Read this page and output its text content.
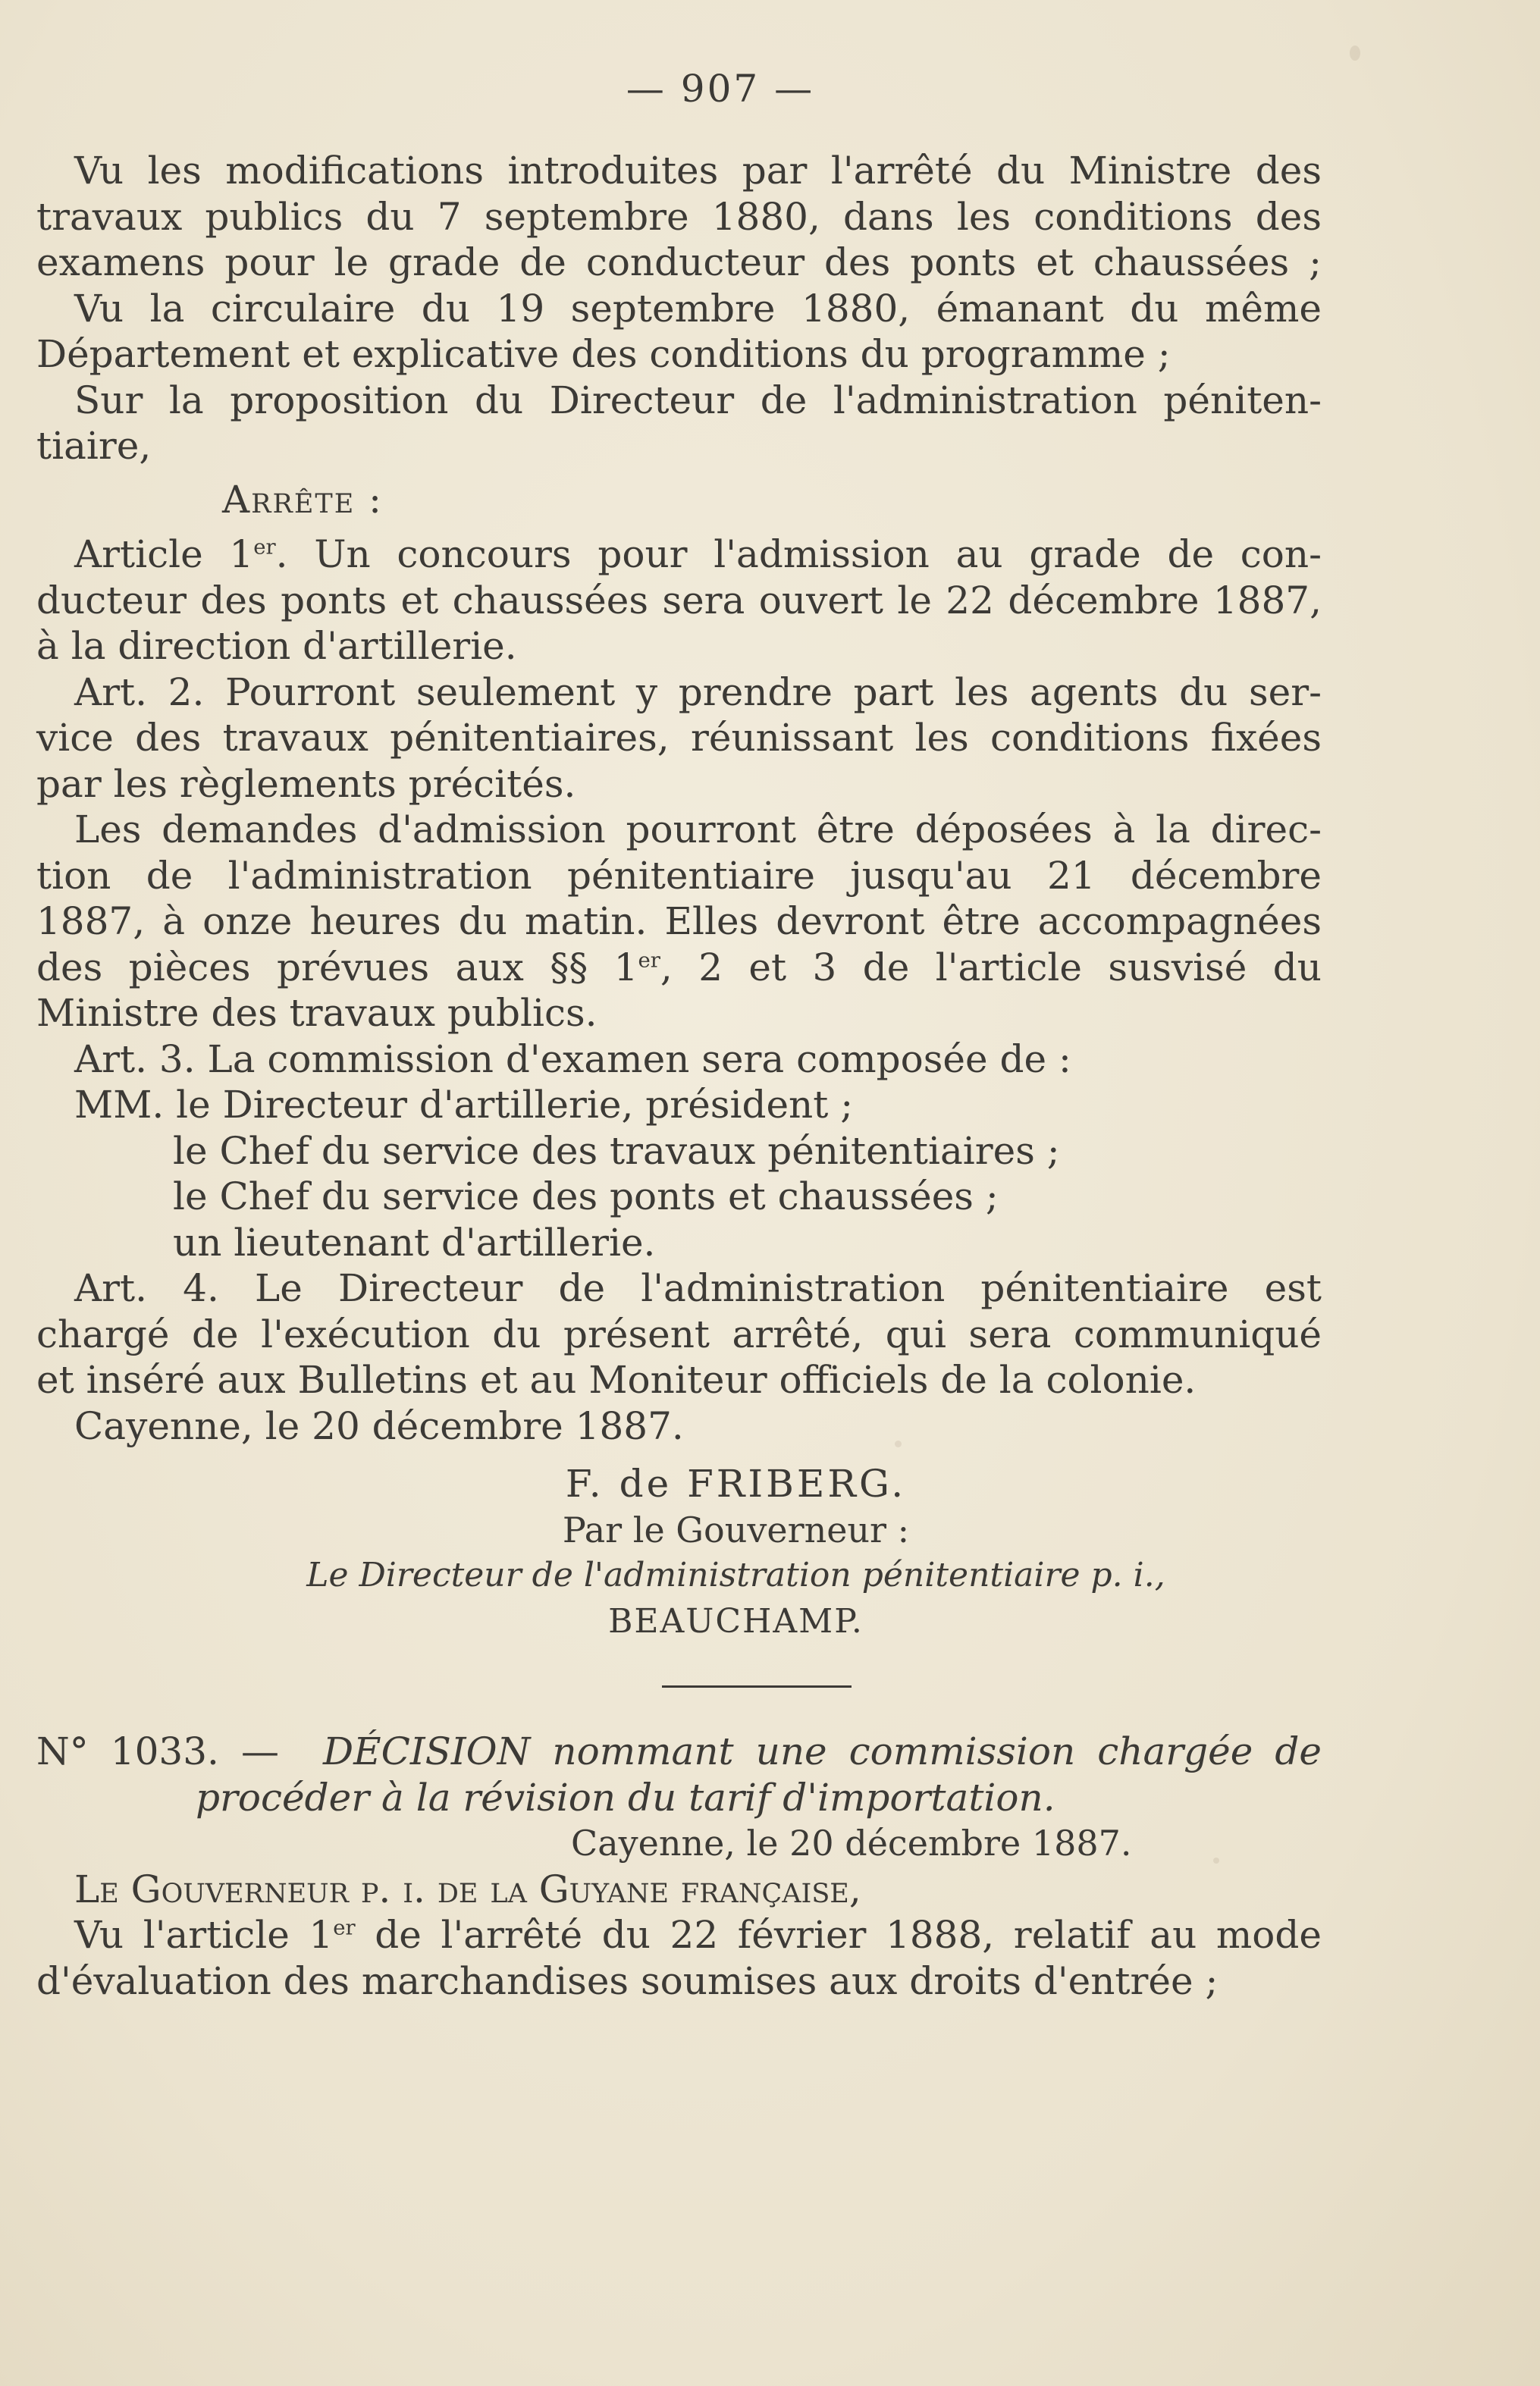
— 907 —
Vu les modifications introduites par l'arrêté du Ministre des
travaux publics du 7 septembre 1880, dans les conditions des
examens pour le grade de conducteur des ponts et chaussées ;
Vu la circulaire du 19 septembre 1880, émanant du même
Département et explicative des conditions du programme ;
Sur la proposition du Directeur de l'administration péniten-
tiaire,
Arrête :
Article 1er. Un concours pour l'admission au grade de con-
ducteur des ponts et chaussées sera ouvert le 22 décembre 1887,
à la direction d'artillerie.
Art. 2. Pourront seulement y prendre part les agents du ser-
vice des travaux pénitentiaires, réunissant les conditions fixées
par les règlements précités.
Les demandes d'admission pourront être déposées à la direc-
tion de l'administration pénitentiaire jusqu'au 21 décembre
1887, à onze heures du matin. Elles devront être accompagnées
des pièces prévues aux §§ 1er, 2 et 3 de l'article susvisé du
Ministre des travaux publics.
Art. 3. La commission d'examen sera composée de :
MM. le Directeur d'artillerie, président ;
le Chef du service des travaux pénitentiaires ;
le Chef du service des ponts et chaussées ;
un lieutenant d'artillerie.
Art. 4. Le Directeur de l'administration pénitentiaire est
chargé de l'exécution du présent arrêté, qui sera communiqué
et inséré aux Bulletins et au Moniteur officiels de la colonie.
Cayenne, le 20 décembre 1887.
F. de FRIBERG.
Par le Gouverneur :
Le Directeur de l'administration pénitentiaire p. i.,
BEAUCHAMP.
N° 1033. — DÉCISION nommant une commission chargée de
procéder à la révision du tarif d'importation.
Cayenne, le 20 décembre 1887.
Le Gouverneur p. i. de la Guyane française,
Vu l'article 1er de l'arrêté du 22 février 1888, relatif au mode
d'évaluation des marchandises soumises aux droits d'entrée ;
